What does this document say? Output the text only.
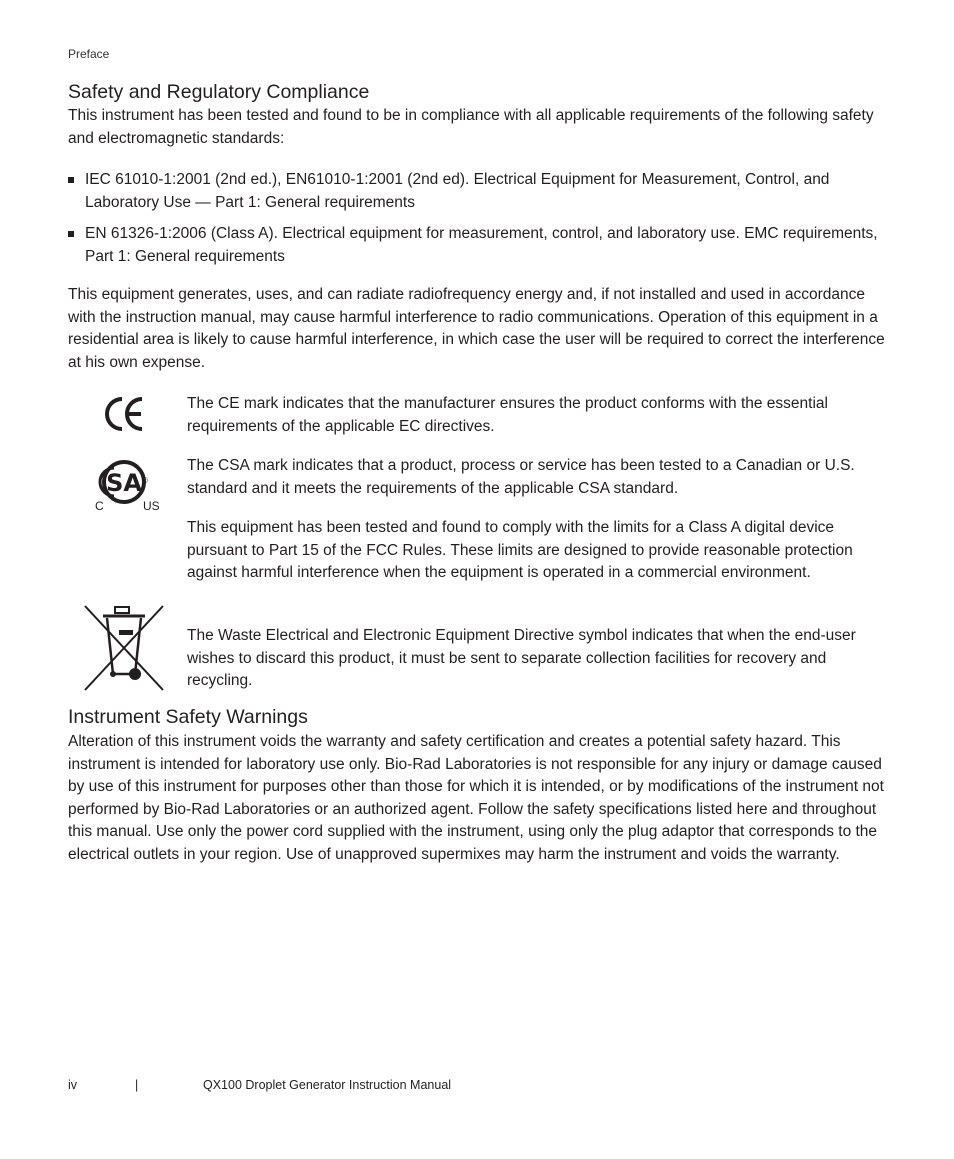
Preface
Safety and Regulatory Compliance

This instrument has been tested and found to be in compliance with all applicable requirements of the following safety and electromagnetic standards:

IEC 61010-1:2001 (2nd ed.), EN61010-1:2001 (2nd ed). Electrical Equipment for Measurement, Control, and Laboratory Use — Part 1: General requirements
EN 61326-1:2006 (Class A). Electrical equipment for measurement, control, and laboratory use. EMC requirements, Part 1: General requirements

This equipment generates, uses, and can radiate radiofrequency energy and, if not installed and used in accordance with the instruction manual, may cause harmful interference to radio communications. Operation of this equipment in a residential area is likely to cause harmful interference, in which case the user will be required to correct the interference at his own expense.

The CE mark indicates that the manufacturer ensures the product conforms with the essential requirements of the applicable EC directives.

SA ®
C	US

The CSA mark indicates that a product, process or service has been tested to a Canadian or U.S. standard and it meets the requirements of the applicable CSA standard.

This equipment has been tested and found to comply with the limits for a Class A digital device pursuant to Part 15 of the FCC Rules. These limits are designed to provide reasonable protection against harmful interference when the equipment is operated in a commercial environment.

The Waste Electrical and Electronic Equipment Directive symbol indicates that when the end-user wishes to discard this product, it must be sent to separate collection facilities for recovery and recycling.

Instrument Safety Warnings

Alteration of this instrument voids the warranty and safety certification and creates a potential safety hazard. This instrument is intended for laboratory use only. Bio-Rad Laboratories is not responsible for any injury or damage caused by use of this instrument for purposes other than those for which it is intended, or by modifications of the instrument not performed by Bio-Rad Laboratories or an authorized agent. Follow the safety specifications listed here and throughout this manual. Use only the power cord supplied with the instrument, using only the plug adaptor that corresponds to the electrical outlets in your region. Use of unapproved supermixes may harm the instrument and voids the warranty.

iv	|	QX100 Droplet Generator Instruction Manual
